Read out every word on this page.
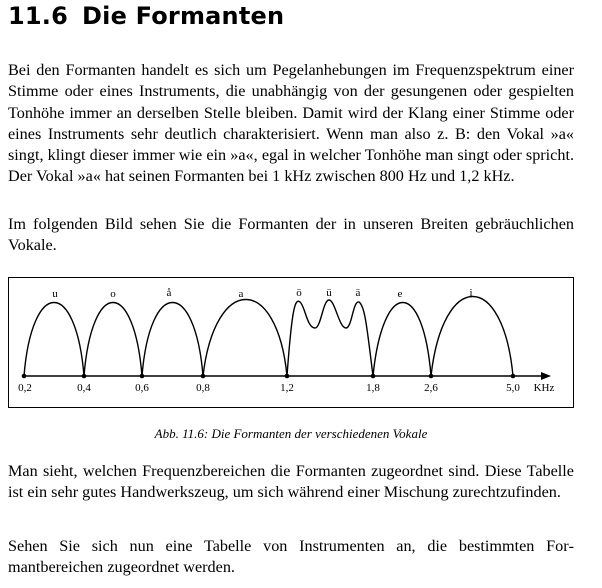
11.6 Die Formanten

Bei den Formanten handelt es sich um Pegelanhebungen im Frequenzspektrum einer Stimme oder eines Instruments, die unabhängig von der gesungenen oder gespielten Tonhöhe immer an derselben Stelle bleiben. Damit wird der Klang einer Stimme oder eines Instruments sehr deutlich charakterisiert. Wenn man also z. B: den Vokal »a« singt, klingt dieser immer wie ein »a«, egal in welcher Tonhöhe man singt oder spricht. Der Vokal »a« hat seinen Formanten bei 1 kHz zwischen 800 Hz und 1,2 kHz.

Im folgenden Bild sehen Sie die Formanten der in unseren Breiten gebräuchlichen Vokale.

0,2	0,4	0,6	0,8	1,2	1,8	2,6	5,0 KHz
u	o	å	a	ö ü ä	e	i
Abb. 11.6: Die Formanten der verschiedenen Vokale

Man sieht, welchen Frequenzbereichen die Formanten zugeordnet sind. Diese Tabelle ist ein sehr gutes Handwerkszeug, um sich während einer Mischung zurechtzufinden.

Sehen Sie sich nun eine Tabelle von Instrumenten an, die bestimmten Formantbereichen zugeordnet werden.
